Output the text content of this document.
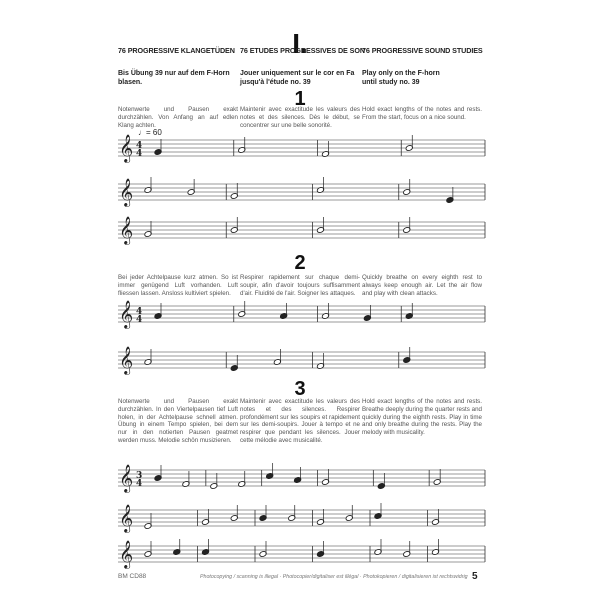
I.
76 PROGRESSIVE KLANGETÜDEN 76 ETUDES PROGRESSIVES DE SON
76 PROGRESSIVE SOUND STUDIES
Bis Übung 39 nur auf dem F-Horn blasen.
Jouer uniquement sur le cor en Fa jusqu'à l'étude no. 39
Play only on the F-horn until study no. 39
1
Notenwerte und Pausen exakt durchzählen. Von Anfang an auf edlen Klang achten.
Maintenir avec exactitude les valeurs des notes et des silences. Dès le début, se concentrer sur une belle sonorité.
Hold exact lengths of the notes and rests. From the start, focus on a nice sound.
♩= 60
2
Bei jeder Achtelpause kurz atmen. So ist immer genügend Luft vorhanden. Luft fliessen lassen. Ansloss kultiviert spielen.
Respirer rapidement sur chaque demi-soupir, afin d'avoir toujours suffisamment d'air. Fluidité de l'air. Soigner les attaques.
Quickly breathe on every eighth rest to always keep enough air. Let the air flow and play with clean attacks.
3
Notenwerte und Pausen exakt durchzählen. In den Viertelpausen tief Luft holen, in der Achtelpause schnell atmen. Übung in einem Tempo spielen, bei dem nur in den notierten Pausen geatmet werden muss. Melodie schön musizieren.
Maintenir avec exactitude les valeurs des notes et des silences. Respirer profondément sur les soupirs et rapidement sur les demi-soupirs. Jouer à tempo et ne respirer que pendant les silences. Jouer cette mélodie avec musicalité.
Hold exact lengths of the notes and rests. Breathe deeply during the quarter rests and quickly during the eighth rests. Play in time and only breathe during the rests. Play the melody with musicality.
𝄞 4
4
𝄞
𝄞
𝄞 4
4
𝄞
𝄞 3
4
𝄞
𝄞
BM CD88	Photocopying / scanning is illegal · Photocopier/digitaliser est illégal · Photokopieren / digitalisieren ist rechtswidrig 5
